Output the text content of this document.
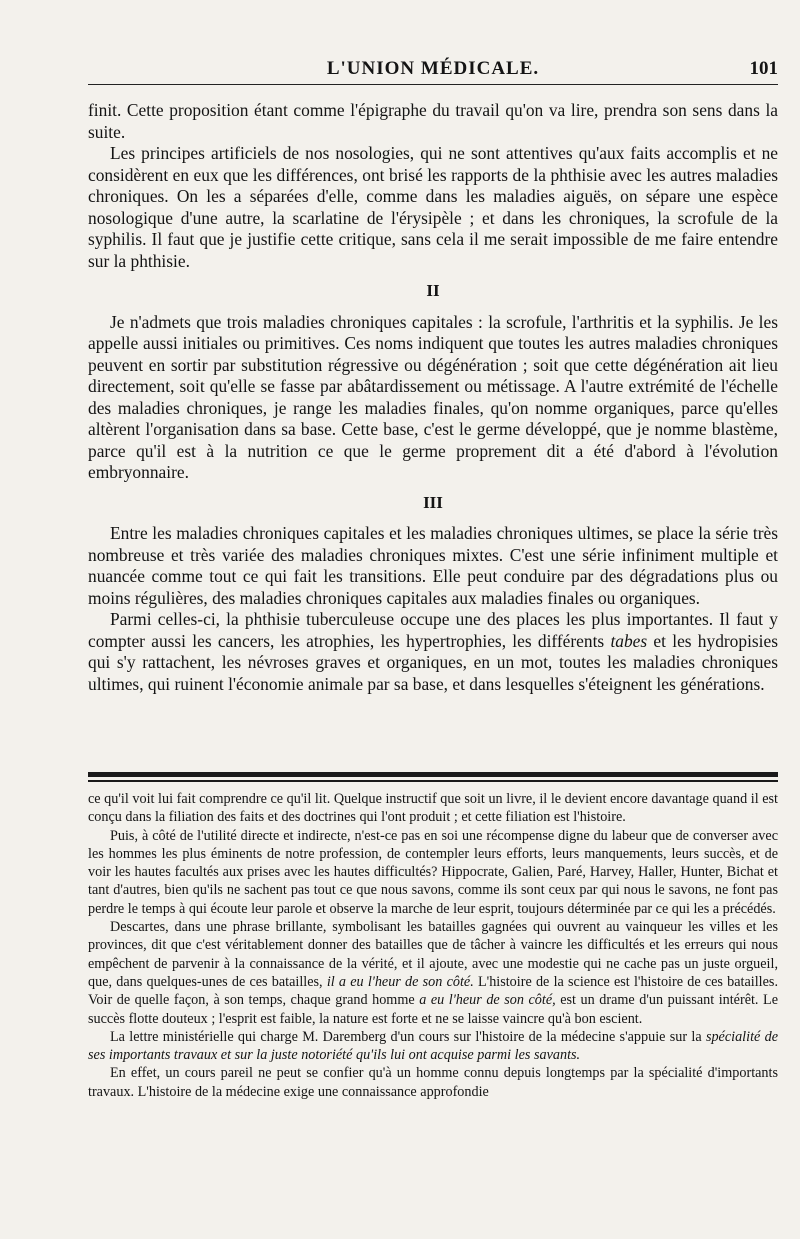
L'UNION MÉDICALE.	101

finit. Cette proposition étant comme l'épigraphe du travail qu'on va lire, prendra son sens dans la suite.

Les principes artificiels de nos nosologies, qui ne sont attentives qu'aux faits accomplis et ne considèrent en eux que les différences, ont brisé les rapports de la phthisie avec les autres maladies chroniques. On les a séparées d'elle, comme dans les maladies aiguës, on sépare une espèce nosologique d'une autre, la scarlatine de l'érysipèle ; et dans les chroniques, la scrofule de la syphilis. Il faut que je justifie cette critique, sans cela il me serait impossible de me faire entendre sur la phthisie.

II

Je n'admets que trois maladies chroniques capitales : la scrofule, l'arthritis et la syphilis. Je les appelle aussi initiales ou primitives. Ces noms indiquent que toutes les autres maladies chroniques peuvent en sortir par substitution régressive ou dégénération ; soit que cette dégénération ait lieu directement, soit qu'elle se fasse par abâtardissement ou métissage. A l'autre extrémité de l'échelle des maladies chroniques, je range les maladies finales, qu'on nomme organiques, parce qu'elles altèrent l'organisation dans sa base. Cette base, c'est le germe développé, que je nomme blastème, parce qu'il est à la nutrition ce que le germe proprement dit a été d'abord à l'évolution embryonnaire.

III

Entre les maladies chroniques capitales et les maladies chroniques ultimes, se place la série très nombreuse et très variée des maladies chroniques mixtes. C'est une série infiniment multiple et nuancée comme tout ce qui fait les transitions. Elle peut conduire par des dégradations plus ou moins régulières, des maladies chroniques capitales aux maladies finales ou organiques.

Parmi celles-ci, la phthisie tuberculeuse occupe une des places les plus importantes. Il faut y compter aussi les cancers, les atrophies, les hypertrophies, les différents tabes et les hydropisies qui s'y rattachent, les névroses graves et organiques, en un mot, toutes les maladies chroniques ultimes, qui ruinent l'économie animale par sa base, et dans lesquelles s'éteignent les générations.

ce qu'il voit lui fait comprendre ce qu'il lit. Quelque instructif que soit un livre, il le devient encore davantage quand il est conçu dans la filiation des faits et des doctrines qui l'ont produit ; et cette filiation est l'histoire.

Puis, à côté de l'utilité directe et indirecte, n'est-ce pas en soi une récompense digne du labeur que de converser avec les hommes les plus éminents de notre profession, de contempler leurs efforts, leurs manquements, leurs succès, et de voir les hautes facultés aux prises avec les hautes difficultés? Hippocrate, Galien, Paré, Harvey, Haller, Hunter, Bichat et tant d'autres, bien qu'ils ne sachent pas tout ce que nous savons, comme ils sont ceux par qui nous le savons, ne font pas perdre le temps à qui écoute leur parole et observe la marche de leur esprit, toujours déterminée par ce qui les a précédés.

Descartes, dans une phrase brillante, symbolisant les batailles gagnées qui ouvrent au vainqueur les villes et les provinces, dit que c'est véritablement donner des batailles que de tâcher à vaincre les difficultés et les erreurs qui nous empêchent de parvenir à la connaissance de la vérité, et il ajoute, avec une modestie qui ne cache pas un juste orgueil, que, dans quelques-unes de ces batailles, il a eu l'heur de son côté. L'histoire de la science est l'histoire de ces batailles. Voir de quelle façon, à son temps, chaque grand homme a eu l'heur de son côté, est un drame d'un puissant intérêt. Le succès flotte douteux ; l'esprit est faible, la nature est forte et ne se laisse vaincre qu'à bon escient.

La lettre ministérielle qui charge M. Daremberg d'un cours sur l'histoire de la médecine s'appuie sur la spécialité de ses importants travaux et sur la juste notoriété qu'ils lui ont acquise parmi les savants.

En effet, un cours pareil ne peut se confier qu'à un homme connu depuis longtemps par la spécialité d'importants travaux. L'histoire de la médecine exige une connaissance approfondie
